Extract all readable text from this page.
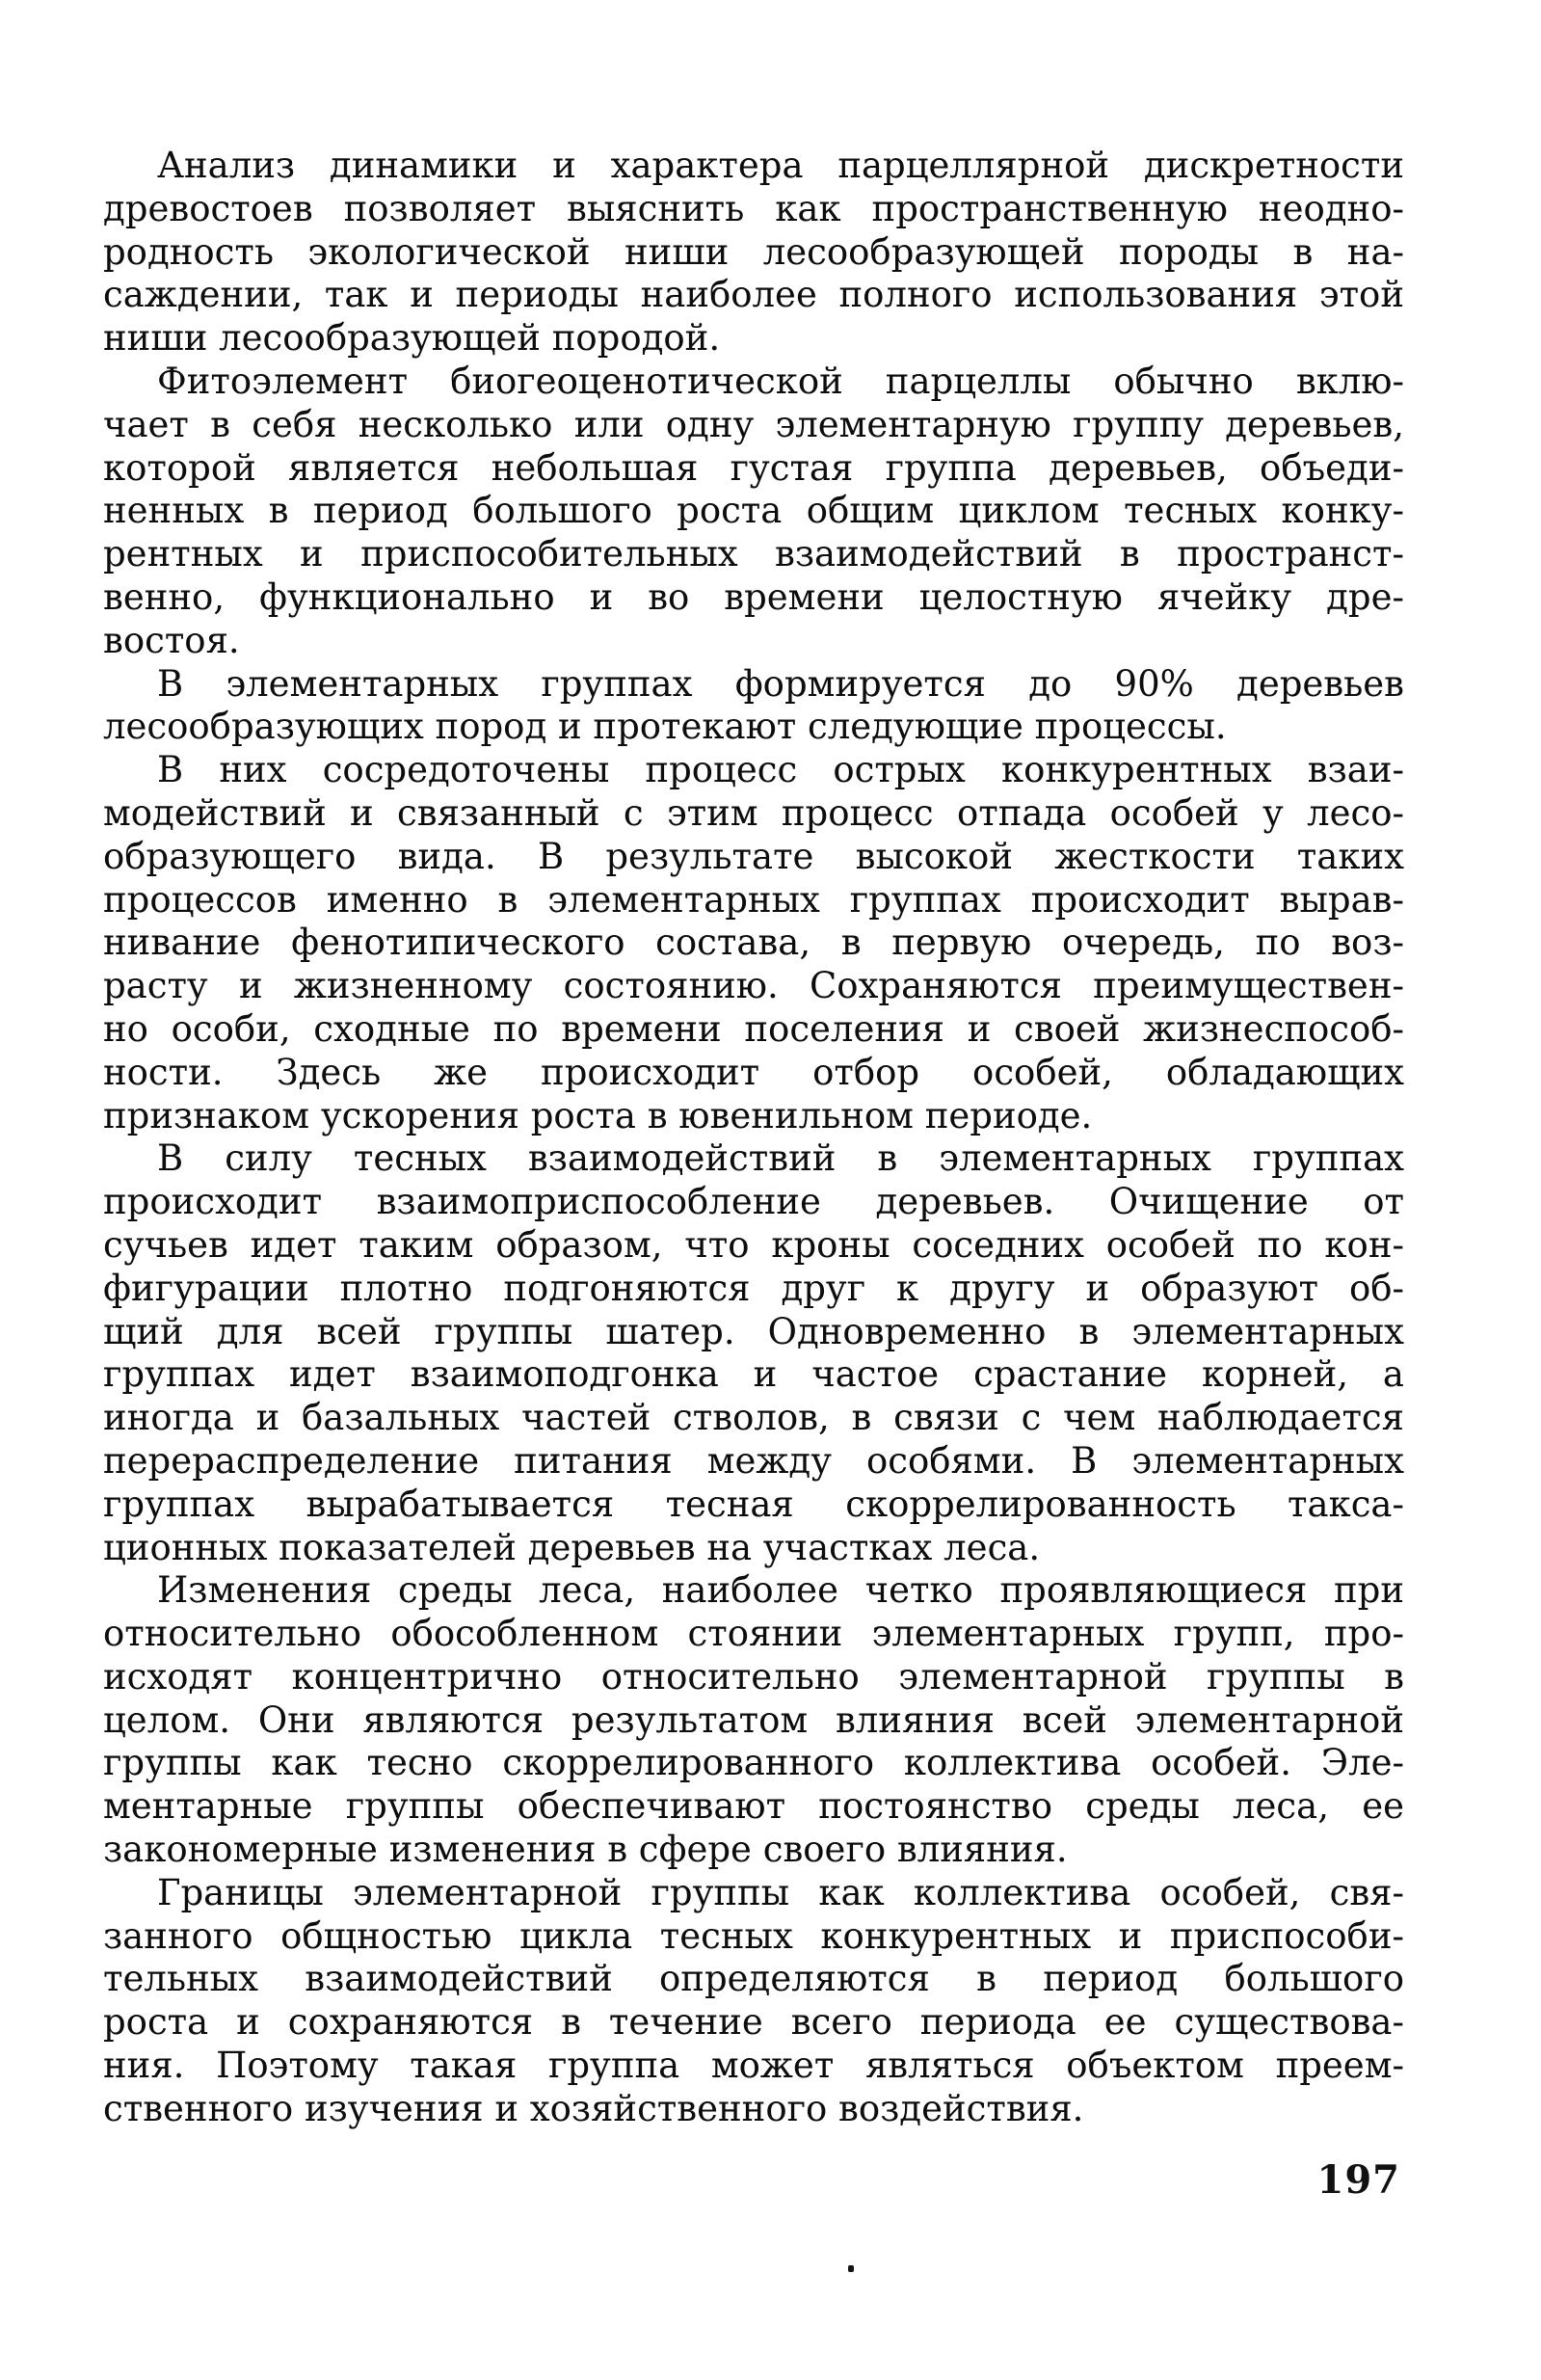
Анализ динамики и характера парцеллярной дискретности
древостоев позволяет выяснить как пространственную неодно-
родность экологической ниши лесообразующей породы в на-
саждении, так и периоды наиболее полного использования этой
ниши лесообразующей породой.
Фитоэлемент биогеоценотической парцеллы обычно вклю-
чает в себя несколько или одну элементарную группу деревьев,
которой является небольшая густая группа деревьев, объеди-
ненных в период большого роста общим циклом тесных конку-
рентных и приспособительных взаимодействий в пространст-
венно, функционально и во времени целостную ячейку дре-
востоя.
В элементарных группах формируется до 90% деревьев
лесообразующих пород и протекают следующие процессы.
В них сосредоточены процесс острых конкурентных взаи-
модействий и связанный с этим процесс отпада особей у лесо-
образующего вида. В результате высокой жесткости таких
процессов именно в элементарных группах происходит вырав-
нивание фенотипического состава, в первую очередь, по воз-
расту и жизненному состоянию. Сохраняются преимуществен-
но особи, сходные по времени поселения и своей жизнеспособ-
ности. Здесь же происходит отбор особей, обладающих
признаком ускорения роста в ювенильном периоде.
В силу тесных взаимодействий в элементарных группах
происходит взаимоприспособление деревьев. Очищение от
сучьев идет таким образом, что кроны соседних особей по кон-
фигурации плотно подгоняются друг к другу и образуют об-
щий для всей группы шатер. Одновременно в элементарных
группах идет взаимоподгонка и частое срастание корней, а
иногда и базальных частей стволов, в связи с чем наблюдается
перераспределение питания между особями. В элементарных
группах вырабатывается тесная скоррелированность такса-
ционных показателей деревьев на участках леса.
Изменения среды леса, наиболее четко проявляющиеся при
относительно обособленном стоянии элементарных групп, про-
исходят концентрично относительно элементарной группы в
целом. Они являются результатом влияния всей элементарной
группы как тесно скоррелированного коллектива особей. Эле-
ментарные группы обеспечивают постоянство среды леса, ее
закономерные изменения в сфере своего влияния.
Границы элементарной группы как коллектива особей, свя-
занного общностью цикла тесных конкурентных и приспособи-
тельных взаимодействий определяются в период большого
роста и сохраняются в течение всего периода ее существова-
ния. Поэтому такая группа может являться объектом преем-
ственного изучения и хозяйственного воздействия.
197
